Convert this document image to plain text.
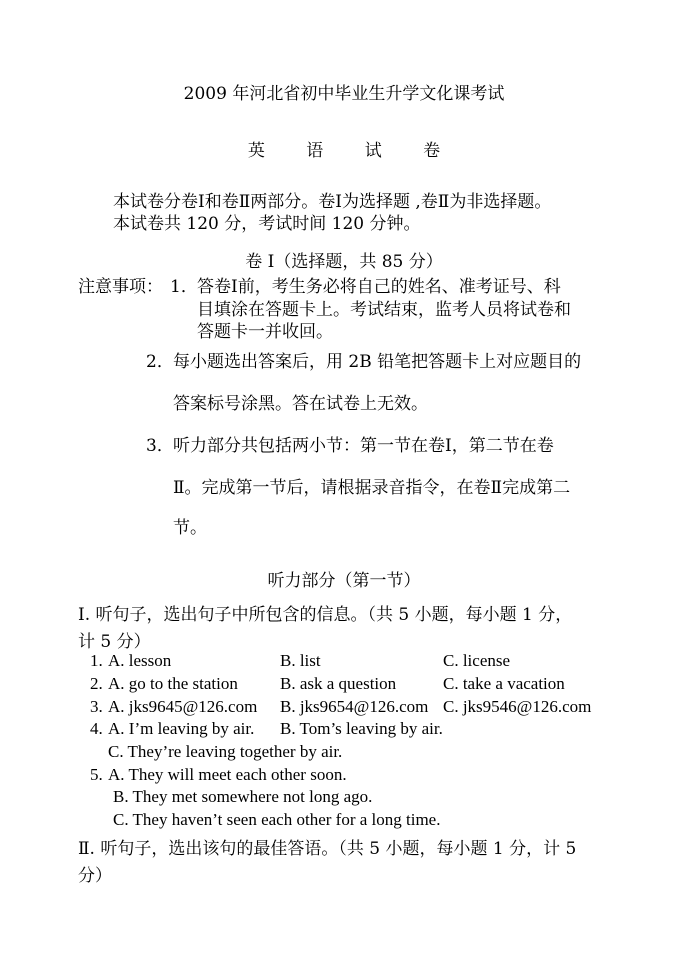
2009 年河北省初中毕业生升学文化课考试
英 语 试 卷
本试卷分卷Ⅰ和卷Ⅱ两部分。卷Ⅰ为选择题 ,卷Ⅱ为非选择题。
本试卷共 120 分，考试时间 120 分钟。
卷 I（选择题，共 85 分）
注意事项： 1． 答卷Ⅰ前，考生务必将自己的姓名、准考证号、科
目填涂在答题卡上。考试结束，监考人员将试卷和
答题卡一并收回。
2． 每小题选出答案后，用 2B 铅笔把答题卡上对应题目的
答案标号涂黑。答在试卷上无效。
3． 听力部分共包括两小节：第一节在卷Ⅰ，第二节在卷
Ⅱ。完成第一节后，请根据录音指令，在卷Ⅱ完成第二
节。
听力部分（第一节）
Ⅰ. 听句子，选出句子中所包含的信息。（共 5 小题，每小题 1 分，
计 5 分）
1. A. lesson	B. list	C. license
2. A. go to the station B. ask a question	C. take a vacation
3. A. jks9645@126.com B. jks9654@126.com C. jks9546@126.com
4. A. I’m leaving by air. B. Tom’s leaving by air.
C. They’re leaving together by air.
5. A. They will meet each other soon.
B. They met somewhere not long ago.
C. They haven’t seen each other for a long time.
Ⅱ. 听句子，选出该句的最佳答语。（共 5 小题，每小题 1 分，计 5
分）
